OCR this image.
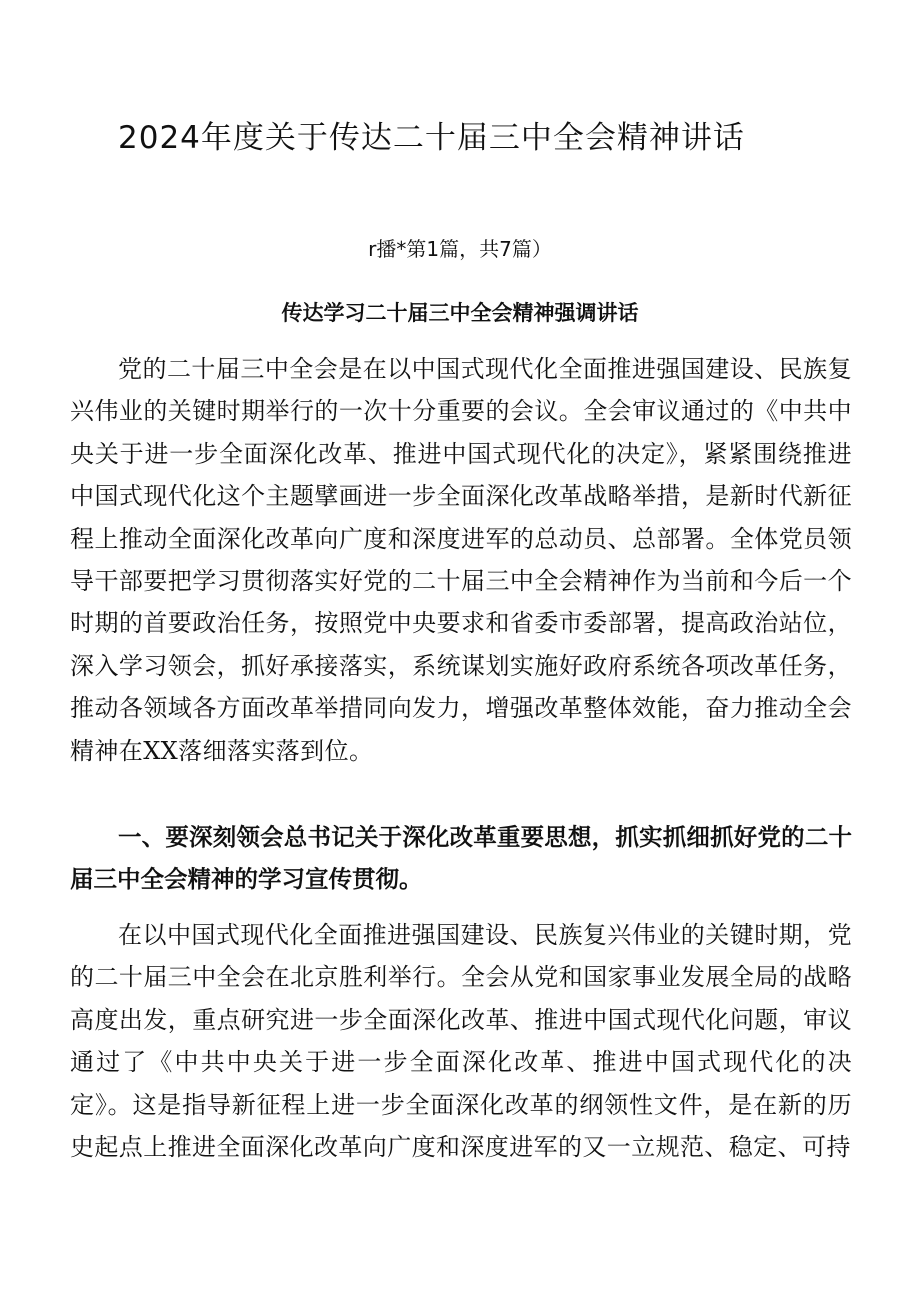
2024年度关于传达二十届三中全会精神讲话

r播*第1篇，共7篇）

传达学习二十届三中全会精神强调讲话

党的二十届三中全会是在以中国式现代化全面推进强国建设、民族复兴伟业的关键时期举行的一次十分重要的会议。全会审议通过的《中共中央关于进一步全面深化改革、推进中国式现代化的决定》，紧紧围绕推进中国式现代化这个主题擘画进一步全面深化改革战略举措，是新时代新征程上推动全面深化改革向广度和深度进军的总动员、总部署。全体党员领导干部要把学习贯彻落实好党的二十届三中全会精神作为当前和今后一个时期的首要政治任务，按照党中央要求和省委市委部署，提高政治站位，深入学习领会，抓好承接落实，系统谋划实施好政府系统各项改革任务，推动各领域各方面改革举措同向发力，增强改革整体效能，奋力推动全会精神在XX落细落实落到位。

一、要深刻领会总书记关于深化改革重要思想，抓实抓细抓好党的二十届三中全会精神的学习宣传贯彻。

在以中国式现代化全面推进强国建设、民族复兴伟业的关键时期，党的二十届三中全会在北京胜利举行。全会从党和国家事业发展全局的战略高度出发，重点研究进一步全面深化改革、推进中国式现代化问题，审议通过了《中共中央关于进一步全面深化改革、推进中国式现代化的决定》。这是指导新征程上进一步全面深化改革的纲领性文件，是在新的历史起点上推进全面深化改革向广度和深度进军的又一立规范、稳定、可持
